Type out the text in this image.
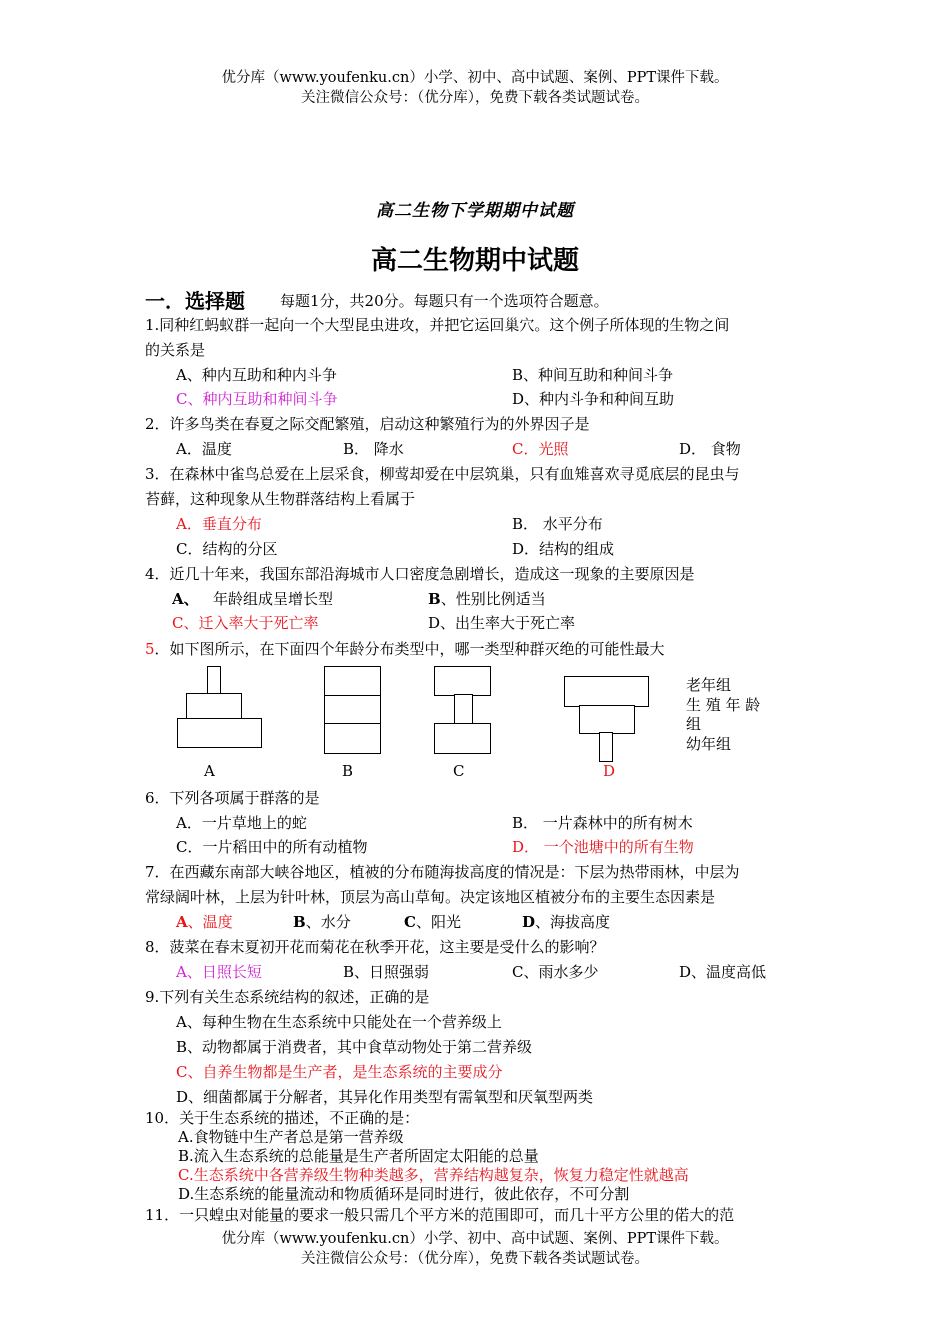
优分库（www.youfenku.cn）小学、初中、高中试题、案例、PPT课件下载。
关注微信公众号：（优分库），免费下载各类试题试卷。
高二生物下学期期中试题
高二生物期中试题
一．选择题 每题1分，共20分。每题只有一个选项符合题意。
1.同种红蚂蚁群一起向一个大型昆虫进攻，并把它运回巢穴。这个例子所体现的生物之间
的关系是
A、种内互助和种内斗争	B、种间互助和种间斗争
C、种内互助和种间斗争	D、种内斗争和种间互助
2．许多鸟类在春夏之际交配繁殖，启动这种繁殖行为的外界因子是
A．温度	B． 降水	C．光照	D． 食物
3．在森林中雀鸟总爱在上层采食，柳莺却爱在中层筑巢，只有血雉喜欢寻觅底层的昆虫与
苔藓，这种现象从生物群落结构上看属于
A．垂直分布	B． 水平分布
C．结构的分区	D．结构的组成
4．近几十年来，我国东部沿海城市人口密度急剧增长，造成这一现象的主要原因是
A、 年龄组成呈增长型	B、性别比例适当
C、迁入率大于死亡率	D、出生率大于死亡率
5．如下图所示，在下面四个年龄分布类型中，哪一类型种群灭绝的可能性最大
A	B	C	D
老年组
生 殖 年 龄
组
幼年组
6．下列各项属于群落的是
A．一片草地上的蛇	B． 一片森林中的所有树木
C．一片稻田中的所有动植物	D． 一个池塘中的所有生物
7．在西藏东南部大峡谷地区，植被的分布随海拔高度的情况是：下层为热带雨林，中层为
常绿阔叶林，上层为针叶林，顶层为高山草甸。决定该地区植被分布的主要生态因素是
A、温度	B、水分	C、阳光	D、海拔高度
8．菠菜在春末夏初开花而菊花在秋季开花，这主要是受什么的影响？
A、日照长短	B、日照强弱	C、雨水多少	D、温度高低
9.下列有关生态系统结构的叙述，正确的是
A、每种生物在生态系统中只能处在一个营养级上
B、动物都属于消费者，其中食草动物处于第二营养级
C、自养生物都是生产者，是生态系统的主要成分
D、细菌都属于分解者，其异化作用类型有需氧型和厌氧型两类
10．关于生态系统的描述，不正确的是：
A.食物链中生产者总是第一营养级
B.流入生态系统的总能量是生产者所固定太阳能的总量
C.生态系统中各营养级生物种类越多，营养结构越复杂，恢复力稳定性就越高
D.生态系统的能量流动和物质循环是同时进行，彼此依存，不可分割
11．一只蝗虫对能量的要求一般只需几个平方米的范围即可，而几十平方公里的偌大的范
优分库（www.youfenku.cn）小学、初中、高中试题、案例、PPT课件下载。
关注微信公众号：（优分库），免费下载各类试题试卷。
